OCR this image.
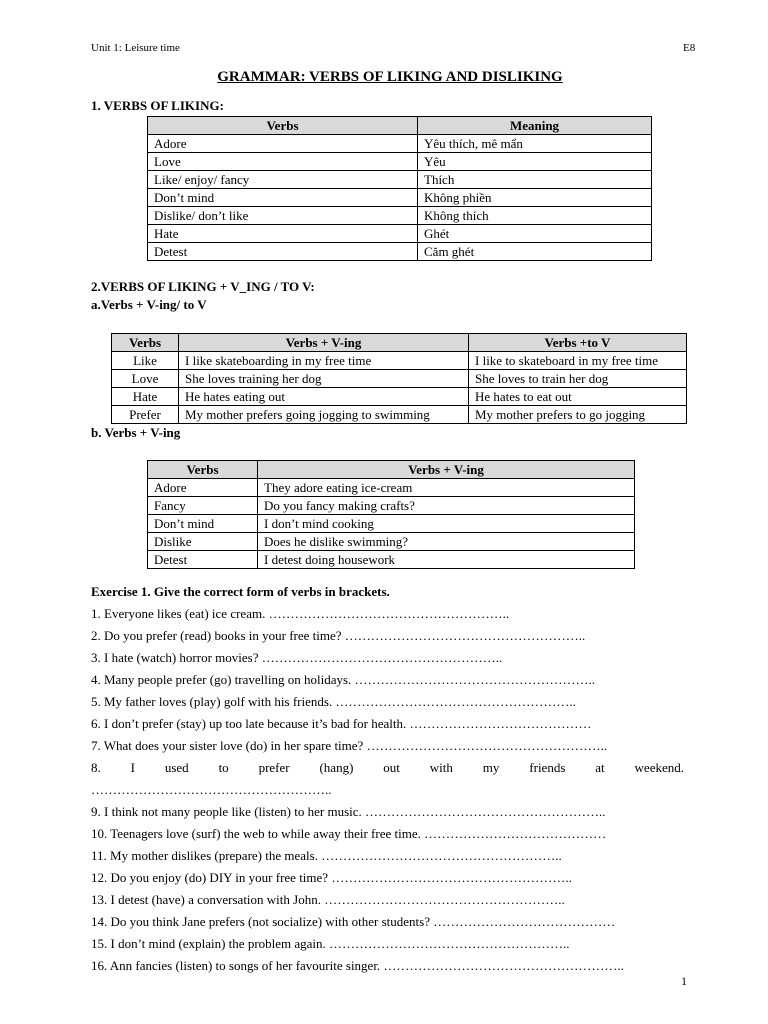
Unit 1: Leisure time	E8
GRAMMAR: VERBS OF LIKING AND DISLIKING
1. VERBS OF LIKING:
Verbs	Meaning
Adore	Yêu thích, mê mẩn
Love	Yêu
Like/ enjoy/ fancy	Thích
Don’t mind	Không phiền
Dislike/ don’t like	Không thích
Hate	Ghét
Detest	Căm ghét
2.VERBS OF LIKING + V_ING / TO V:
a.Verbs + V-ing/ to V
Verbs	Verbs + V-ing	Verbs +to V
Like	I like skateboarding in my free time	I like to skateboard in my free time
Love	She loves training her dog	She loves to train her dog
Hate	He hates eating out	He hates to eat out
Prefer	My mother prefers going jogging to swimming	My mother prefers to go jogging
b. Verbs + V-ing
Verbs	Verbs + V-ing
Adore	They adore eating ice-cream
Fancy	Do you fancy making crafts?
Don’t mind	I don’t mind cooking
Dislike	Does he dislike swimming?
Detest	I detest doing housework
Exercise 1. Give the correct form of verbs in brackets.
1. Everyone likes (eat) ice cream. ………………………………………………..
2. Do you prefer (read) books in your free time? ………………………………………………..
3. I hate (watch) horror movies? ………………………………………………..
4. Many people prefer (go) travelling on holidays. ………………………………………………..
5. My father loves (play) golf with his friends. ………………………………………………..
6. I don’t prefer (stay) up too late because it’s bad for health. ……………………………………
7. What does your sister love (do) in her spare time? ………………………………………………..
8. I used to prefer (hang) out with my friends at weekend.
………………………………………………..
9. I think not many people like (listen) to her music. ………………………………………………..
10. Teenagers love (surf) the web to while away their free time. ……………………………………
11. My mother dislikes (prepare) the meals. ………………………………………………..
12. Do you enjoy (do) DIY in your free time? ………………………………………………..
13. I detest (have) a conversation with John. ………………………………………………..
14. Do you think Jane prefers (not socialize) with other students? ……………………………………
15. I don’t mind (explain) the problem again. ………………………………………………..
16. Ann fancies (listen) to songs of her favourite singer. ………………………………………………..
1
